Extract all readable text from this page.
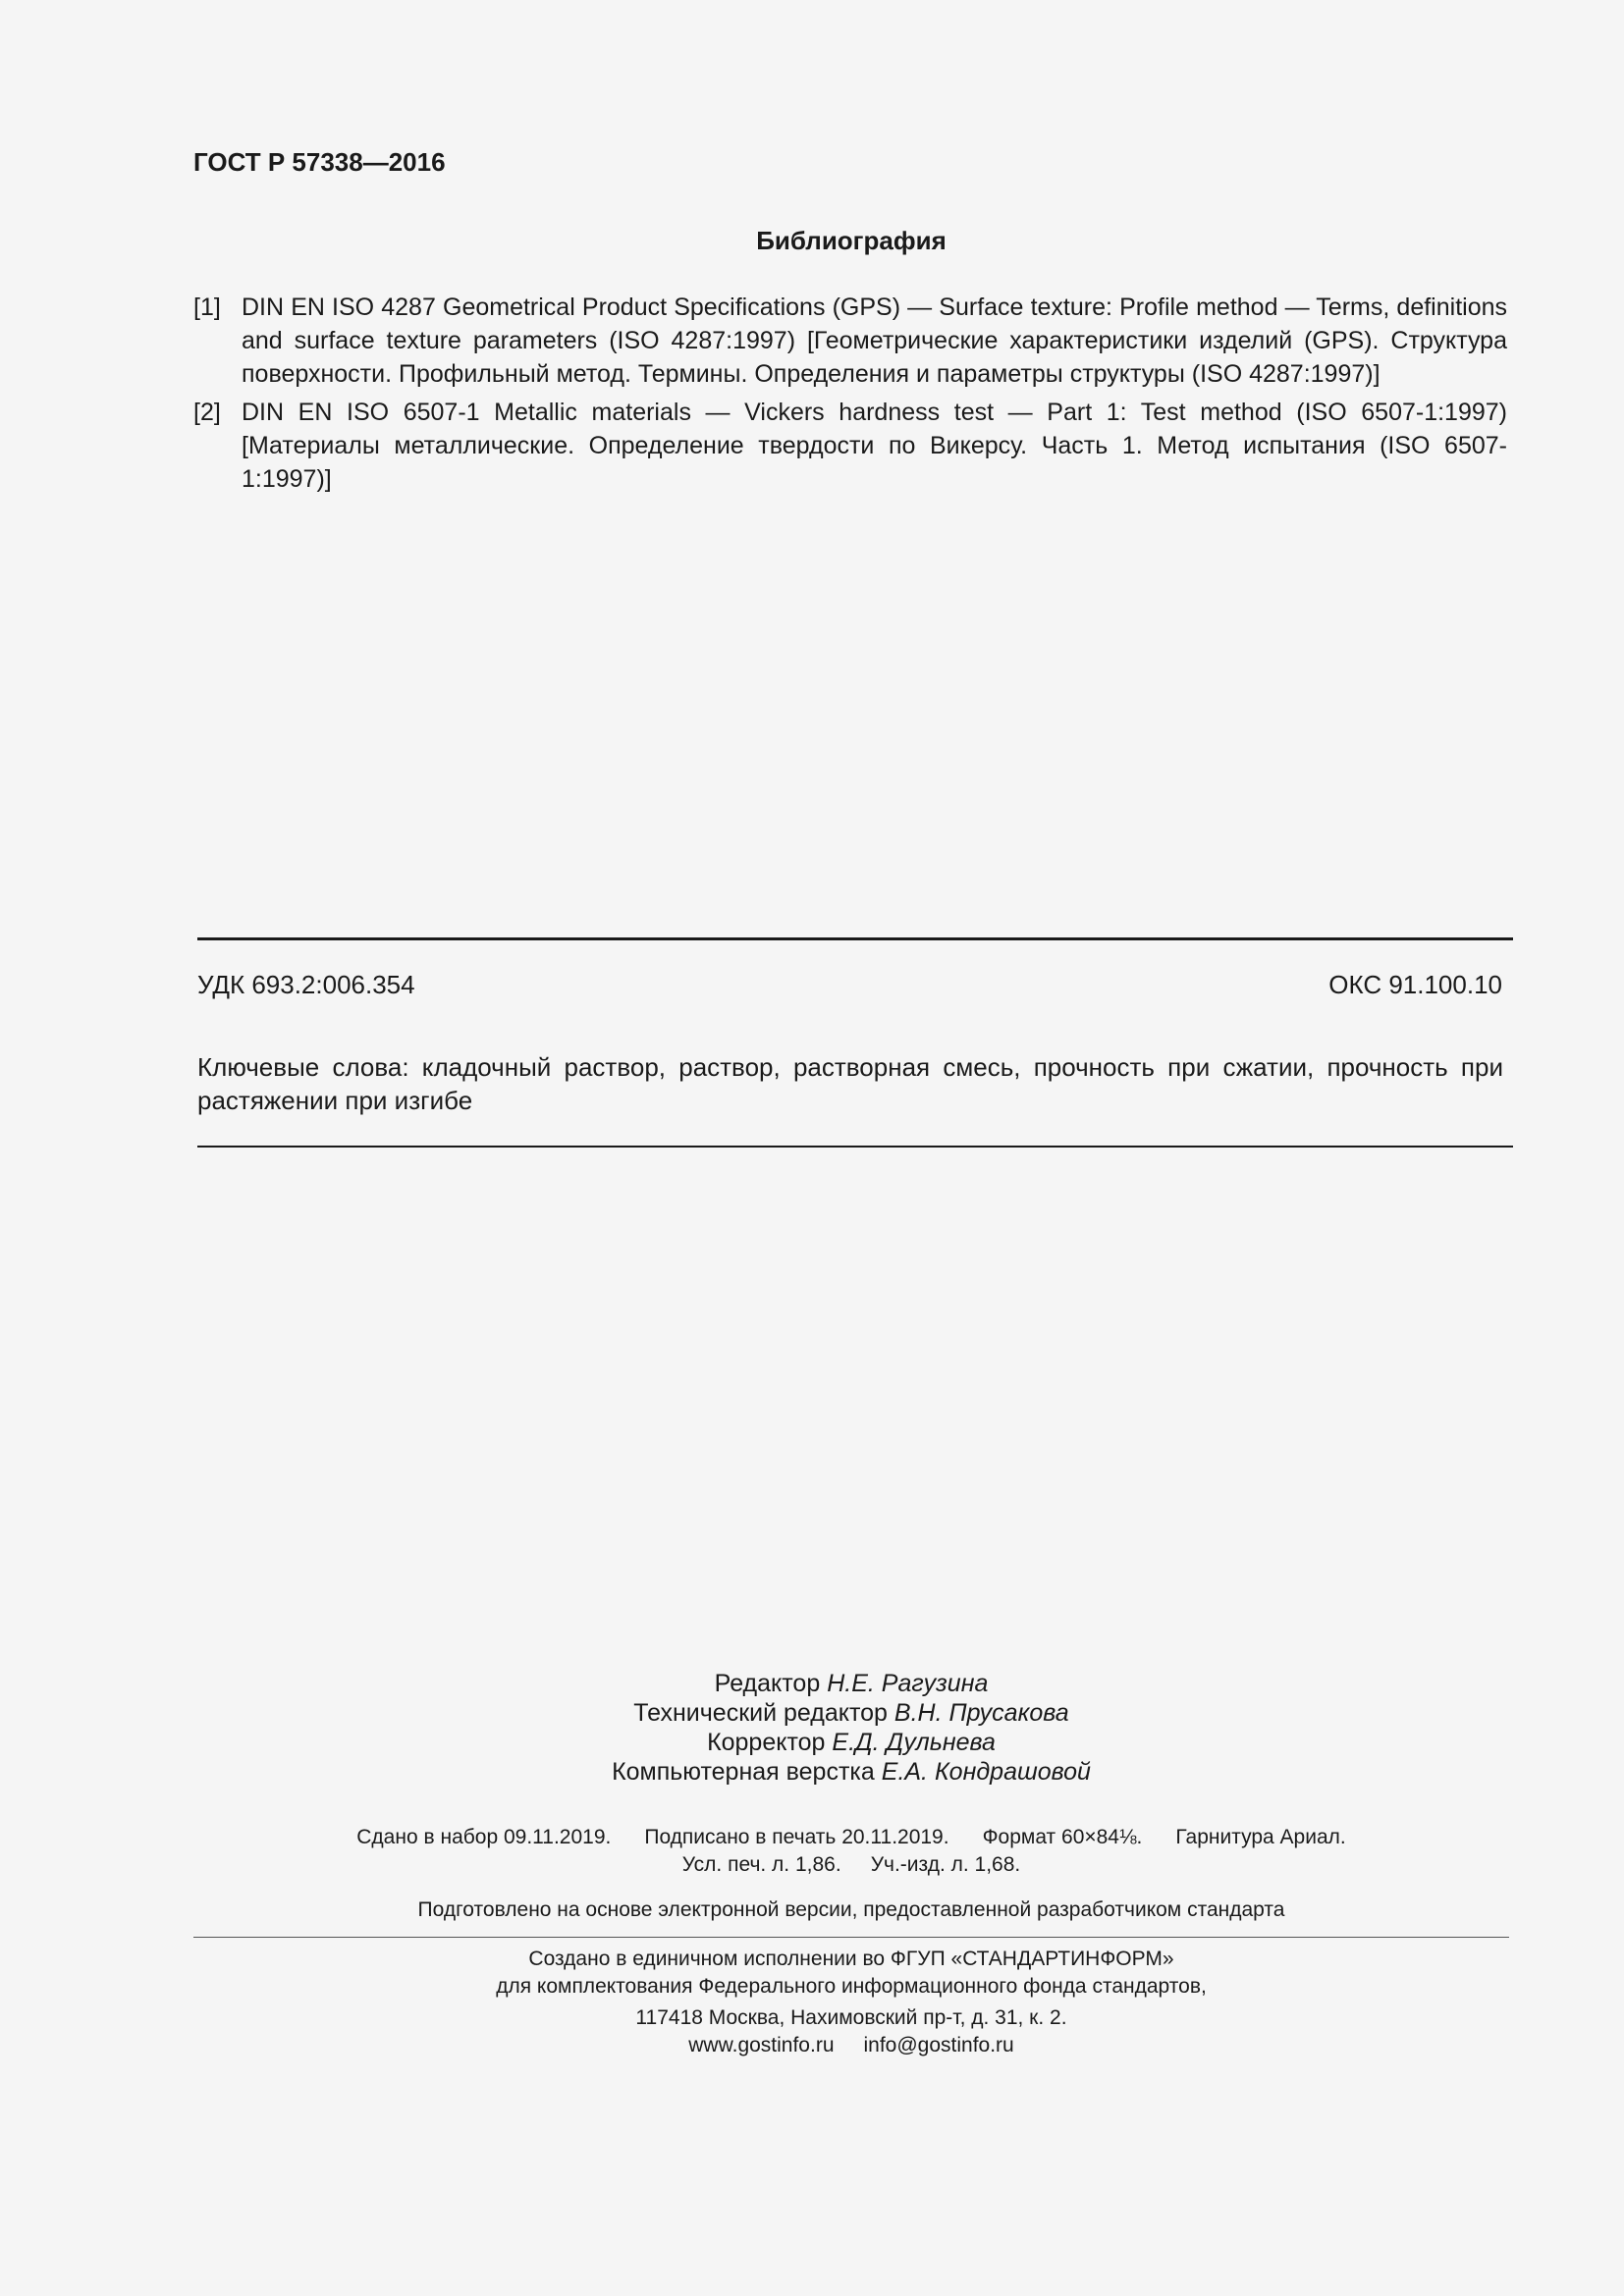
ГОСТ Р 57338—2016
Библиография
[1] DIN EN ISO 4287 Geometrical Product Specifications (GPS) — Surface texture: Profile method — Terms, definitions and surface texture parameters (ISO 4287:1997) [Геометрические характеристики изделий (GPS). Структура поверхности. Профильный метод. Термины. Определения и параметры структуры (ISO 4287:1997)]
[2] DIN EN ISO 6507-1 Metallic materials — Vickers hardness test — Part 1: Test method (ISO 6507-1:1997) [Материалы металлические. Определение твердости по Викерсу. Часть 1. Метод испытания (ISO 6507-1:1997)]
УДК 693.2:006.354	ОКС 91.100.10
Ключевые слова: кладочный раствор, раствор, растворная смесь, прочность при сжатии, прочность при растяжении при изгибе
Редактор Н.Е. Рагузина
Технический редактор В.Н. Прусакова
Корректор Е.Д. Дульнева
Компьютерная верстка Е.А. Кондрашовой
Сдано в набор 09.11.2019. Подписано в печать 20.11.2019. Формат 60×84⅛. Гарнитура Ариал.
Усл. печ. л. 1,86. Уч.-изд. л. 1,68.
Подготовлено на основе электронной версии, предоставленной разработчиком стандарта
Создано в единичном исполнении во ФГУП «СТАНДАРТИНФОРМ»
для комплектования Федерального информационного фонда стандартов,
117418 Москва, Нахимовский пр-т, д. 31, к. 2.
www.gostinfo.ru info@gostinfo.ru
